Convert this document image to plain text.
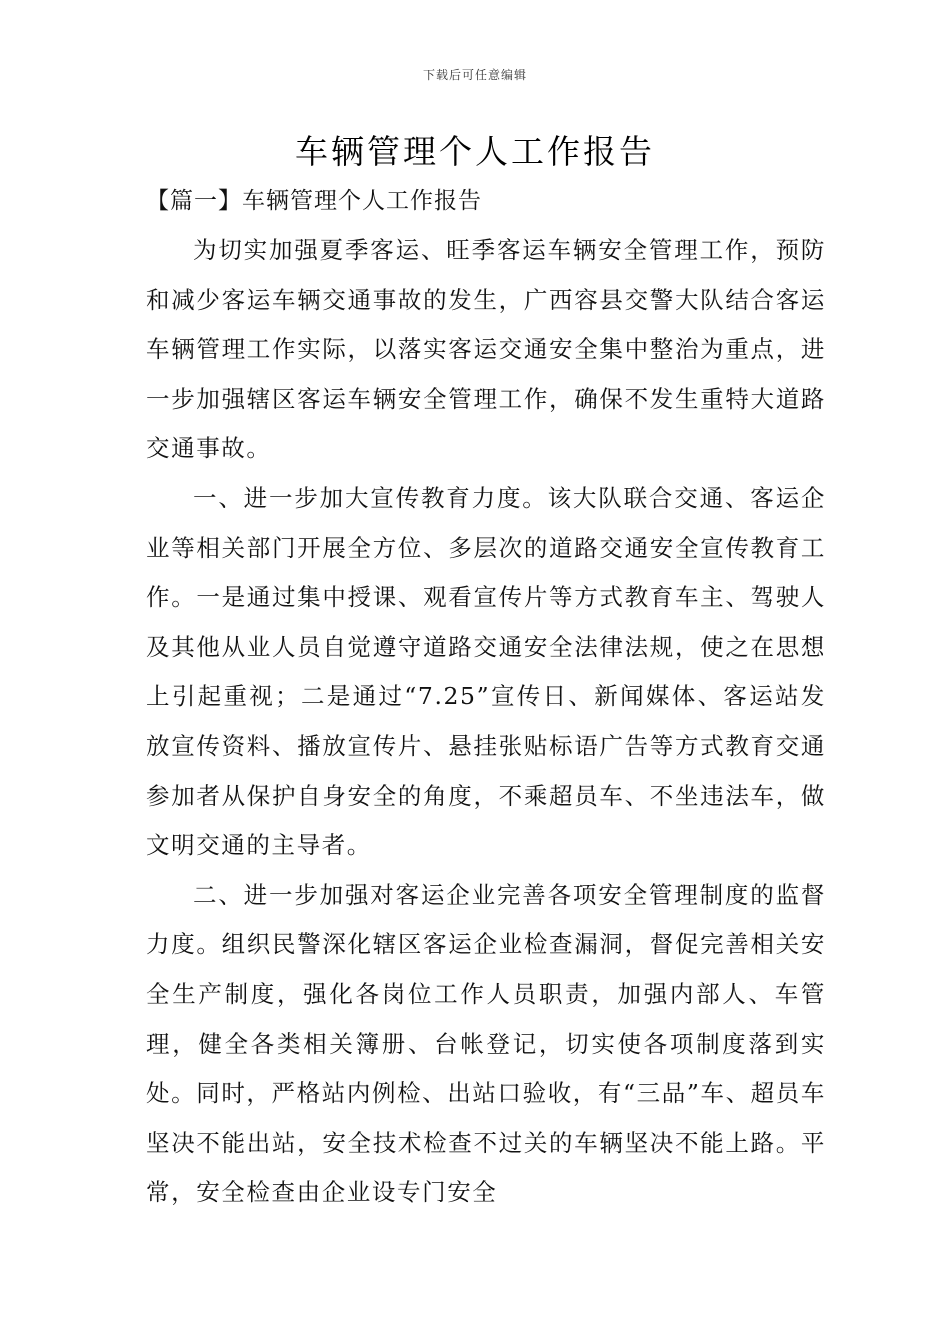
下载后可任意编辑
车辆管理个人工作报告
【篇一】车辆管理个人工作报告

为切实加强夏季客运、旺季客运车辆安全管理工作，预防和减少客运车辆交通事故的发生，广西容县交警大队结合客运车辆管理工作实际，以落实客运交通安全集中整治为重点，进一步加强辖区客运车辆安全管理工作，确保不发生重特大道路交通事故。

一、进一步加大宣传教育力度。该大队联合交通、客运企业等相关部门开展全方位、多层次的道路交通安全宣传教育工作。一是通过集中授课、观看宣传片等方式教育车主、驾驶人及其他从业人员自觉遵守道路交通安全法律法规，使之在思想上引起重视；二是通过“7.25”宣传日、新闻媒体、客运站发放宣传资料、播放宣传片、悬挂张贴标语广告等方式教育交通参加者从保护自身安全的角度，不乘超员车、不坐违法车，做文明交通的主导者。

二、进一步加强对客运企业完善各项安全管理制度的监督力度。组织民警深化辖区客运企业检查漏洞，督促完善相关安全生产制度，强化各岗位工作人员职责，加强内部人、车管理，健全各类相关簿册、台帐登记，切实使各项制度落到实处。同时，严格站内例检、出站口验收，有“三品”车、超员车坚决不能出站，安全技术检查不过关的车辆坚决不能上路。平常，安全检查由企业设专门安全
